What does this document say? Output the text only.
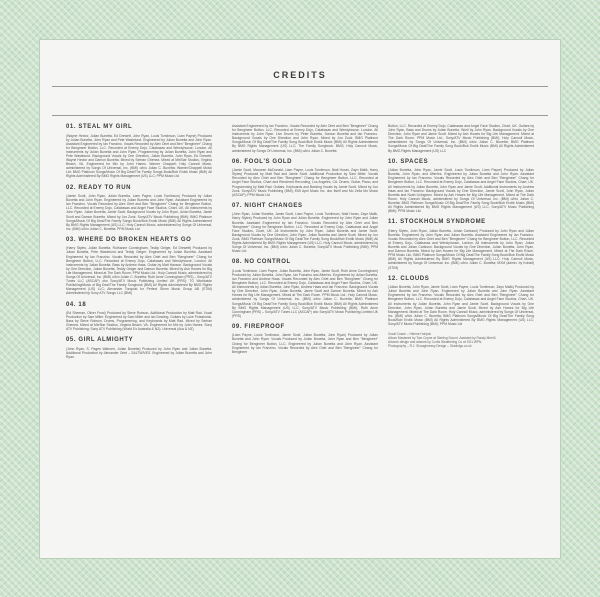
CREDITS
01. STEAL MY GIRL

(Wayne Hector, Julian Bunetta, Ed Drewett, John Ryan, Louis Tomlinson, Liam Payne) Produced by Julian Bunetta, John Ryan and Pete Wastelund. Engineered by Julian Bunetta and John Ryan. Assistant Engineered by Ian Franzino. Vocals Recorded by Alex Oriet and Ben "Bengineer" Chang for Bengineer Button, LLC. Recorded at Enemy Dojo, Calabasas and Wendyhouse, London. All Instruments by Julian Bunetta and John Ryan. Programming by Julian Bunetta, John Ryan and Pete Wastelund. Background Vocals by One Direction, Julian Bunetta, John Ryan, Ed Drewett, Wayne Hector and Damon Bunetta. Mixed by Serban Ghenea. Mixed at MixStar Studios, Virginia Beach, VA. Engineered for Mix by John Hanes. Warner Chappell; Holy Cannoli Music, administered by Songs Of Universal, Inc. (BMI) o/b/o Julian C. Bunetta; Warner/Chappell Music Ltd; BMG Platinum Songs/Music Of Big Deal/The Family Songs Book/Bob Erotik Music (BMI) All Rights Administered By BMG Rights Management (US) LLC; PPM Music Ltd

02. READY TO RUN

(Jamie Scott, John Ryan, Julian Bunetta, Liam Payne, Louis Tomlinson) Produced by Julian Bunetta and John Ryan. Engineered by Julian Bunetta and John Ryan. Assistant Engineered by Ian Franzino. Vocals Recorded by Alex Oriet and Ben "Bengineer" Chang for Bengineer Button, LLC. Recorded at Enemy Dojo, Calabasas and Angel Face Studios, Chart, UK. All Instruments by John Ryan, Julian Bunetta, Jamie Scott. Background Vocals by John Ryan, Julian Bunetta, Jamie Scott and Damon Bunetta. Mixed by Jon Zook. Sony/ATV Music Publishing (BMI); BMG Platinum Songs/Music Of Big Deal/The Family Songs Book/Bob Erotik Music (BMI) All Rights Administered By BMG Rights Management (US) LLC; Holy Cannoli Music, administered by Songs Of Universal, Inc. (BMI) o/b/o Julian C. Bunetta; PPM Music Ltd

03. WHERE DO BROKEN HEARTS GO

(Harry Styles, Julian Bunetta, Ruthanne Cunningham, Teddy Geiger, Ed Drewett) Produced by Julian Bunetta, Pete Wastelund and Teddy Geiger. Engineered by Julian Bunetta. Assistant Engineered by Ian Franzino. Vocals Recorded by Alex Oriet and Ben "Bengineer" Chang for Bengineer Button, LLC. Recorded at Enemy Dojo, Calabasas and Wendyhouse, London. All Instruments by Julian Bunetta. Bass by Andrew Haas. Guitar by Matt Hanson. Background Vocals by One Direction, Julian Bunetta, Teddy Geiger and Damon Bunetta. Mixed by Ash Howes for Big Life Management. Mixed at The Dark Room. PPM Music Ltd.; Holy Cannoli Music, administered by Songs Of Universal, Inc. (BMI) o/b/o Julian C. Bunetta; Ruth Anne Cunningham (PRS) – Sony/ATV Tunes LLC (ASCAP) obo Sony/ATV Music Publishing Limited UK (PRS); TG Worldwide Publishing/Music of Big Deal/The Family Songbook (BMI) All Rights Administered By BMG Rights Management (US) LLC; Alexander Tonquist for Perfect Storm Music Group AB (STIM) Administered by Sony ATV Songs LLC (BMI)

04. 18

(Ed Sheeran, Oliver Frost) Produced by Steve Robson. Additional Production by Matt Rad. Vocal Production by Sam Miller. Engineered by Sam Miller and Ian Dowling. Guitars by Luke Potashnick. Bass by Steve Robson. Drums, Programming, and Keyboards by Matt Rad. Mixed by Serban Ghenea. Mixed at MixStar Studios, Virginia Beach, VA. Engineered for Mix by John Hanes. Sony ATV Publishing; Sony ATV Publishing (World Ex Australia & NZ); Universal (Aus & NZ)

05. GIRL ALMIGHTY

(John Ryan, S. Pages Wahnen, Julian Bunetta) Produced by John Ryan and Julian Bunetta. Additional Production by Alexander Oriet – SALTWIVES. Engineered by Julian Bunetta and John Ryan.

Assistant Engineered by Ian Franzino. Vocals Recorded by Alex Oriet and Ben "Bengineer" Chang for Bengineer Button, LLC. Recorded at Enemy Dojo, Calabasas and Wendyhouse, London. All Instruments by John Ryan. Live Drums by Peter Bunetta, Damon Bunetta and Ian Franzino. Background Vocals by One Direction and John Ryan. Mixed by Jon Zook. BMG Platinum Songs/Music Of Big Deal/The Family Song Book/Bob Erotik Music (BMI) All Rights Administered By BMG Rights Management (US) LLC; The Family Songbook. BMG; Holy Cannoli Music, administered by Songs Of Universal, Inc. (BMI) o/b/o Julian C. Bunetta

06. FOOL'S GOLD

(Jamie Scott, Maureen McDonald, Liam Payne, Louis Tomlinson, Niall Horan, Zayn Malik, Harry Styles) Produced by Matt Rad and Jamie Scott. Additional Production by Sam Miller. Vocals Recorded by Alex Oriet and Ben "Bengineer" Chang for Bengineer Button, LLC. Recorded at Angel Face Studios, Chart and Rendered Recording, Los Angeles, CA. Drums, Guitar, Piano, and Programming by Matt Rad. Guitars, Keyboards and Backing Vocals by Jamie Scott. Mixed by Jon Zook. Sony/ATV Music Publishing (BMI); EMI April Music Inc. obo Itself and Mo Zella Mo Music (ASCAP); PPM Music Ltd

07. NIGHT CHANGES

(John Ryan, Julian Bunetta, Jamie Scott, Liam Payne, Louis Tomlinson, Niall Horan, Zayn Malik, Harry Styles) Produced by John Ryan and Julian Bunetta. Engineered by John Ryan and Julian Bunetta. Assistant Engineered by Ian Franzino. Vocals Recorded by Alex Oriet and Ben "Bengineer" Chang for Bengineer Button, LLC. Recorded at Enemy Dojo, Calabasas and Angel Face Studios, Chart, UK. All Instruments by John Ryan, Julian Bunetta and Jamie Scott. Background Vocals by One Direction, John Ryan, Julian Bunetta and Jamie Scott. Mixed by Jon Zook. BMG Platinum Songs/Music Of Big Deal/The Family Song Book/Bob Erotik Music (BMI) All Rights Administered By BMG Rights Management (US) LLC; Holy Cannoli Music, administered by Songs Of Universal, Inc. (BMI) o/b/o Julian C. Bunetta; Sony/ATV Music Publishing (BMI); PPM Music Ltd

08. NO CONTROL

(Louis Tomlinson, Liam Payne, Julian Bunetta, John Ryan, Jamie Scott, Ruth Anne Cunningham) Produced by Julian Bunetta, John Ryan, Ian Franzino and Afterhrs. Engineered by Julian Bunetta, Ian Franzino and Andrew Haas. Vocals Recorded by Alex Oriet and Ben "Bengineer" Chang for Bengineer Button, LLC. Recorded at Enemy Dojo, Calabasas and Angel Face Studios, Chart, UK. All Instruments by Julian Bunetta, John Ryan, Andrew Haas and Ian Franzino. Background Vocals by One Direction, John Ryan, Julian Bunetta, Jamie Scott and Damon Bunetta. Mixed by Ash Howes for Big Life Management. Mixed at The Dark Room. PPM Music Ltd.; Holy Cannoli Music, administered by Songs Of Universal, Inc. (BMI) o/b/o Julian C. Bunetta; BMG Platinum Songs/Music Of Big Deal/The Family Song Book/Bob Erotik Music (BMI) All Rights Administered By BMG Rights Management (US) LLC; Sony/ATV Music Publishing (BMI); Ruth Anne Cunningham (PRS) – Sony/ATV Tunes LLC (ASCAP) obo Sony/ATV Music Publishing Limited UK (PRS)

09. FIREPROOF

(Liam Payne, Louis Tomlinson, Jamie Scott, Julian Bunetta, John Ryan) Produced by Julian Bunetta and John Ryan. Vocals Produced by Julian Bunetta, John Ryan and Ben "Bengineer" Chang for Bengineer Button, LLC. Engineered by Julian Bunetta and John Ryan. Assistant Engineered by Ian Franzino. Vocals Recorded by Alex Oriet and Ben "Bengineer" Chang for Bengineer

Button, LLC. Recorded at Enemy Dojo, Calabasas and Angel Face Studios, Chart, UK. Guitars by John Ryan, Bass and Drums by Julian Bunetta. Wurli by John Ryan. Background Vocals by One Direction, John Ryan and Jamie Scott. Mixed by Ash Howes for Big Life Management. Mixed at The Dark Room. PPM Music Ltd.; Sony/ATV Music Publishing (BMI); Holy Cannoli Music, administered by Songs Of Universal, Inc. (BMI) o/b/o Julian C. Bunetta; BMG Platinum Songs/Music Of Big Deal/The Family Song Book/Bob Erotik Music (BMI) All Rights Administered By BMG Rights Management (US) LLC

10. SPACES

(Julian Bunetta, John Ryan, Jamie Scott, Louis Tomlinson, Liam Payne) Produced by Julian Bunetta, John Ryan, and Afterhrs. Engineered by Julian Bunetta and John Ryan. Assistant Engineered by Ian Franzino. Vocals Recorded by Alex Oriet and Ben "Bengineer" Chang for Bengineer Button, LLC. Recorded at Enemy Dojo, Calabasas and Angel Face Studios, Chart, UK. All Instruments by Julian Bunetta, John Ryan and Jamie Scott. Additional Instruments by Andrew Haas and Ian Franzino. Background Vocals by One Direction, Jamie Scott, John Ryan, Julian Bunetta and Noah Livingston. Mixed by Ash Howes for Big Life Management. Mixed at The Dark Room. Holy Cannoli Music, administered by Songs Of Universal, Inc. (BMI) o/b/o Julian C. Bunetta; BMG Platinum Songs/Music Of Big Deal/The Family Song Book/Bob Erotik Music (BMI) All Rights Administered By BMG Rights Management (US) LLC; Sony/ATV Music Publishing (BMI); PPM Music Ltd

11. STOCKHOLM SYNDROME

(Harry Styles, John Ryan, Julian Bunetta, Johan Carlsson) Produced by John Ryan and Julian Bunetta. Engineered by John Ryan and Julian Bunetta. Assistant Engineered by Ian Franzino. Vocals Recorded by Alex Oriet and Ben "Bengineer" Chang for Bengineer Button, LLC. Recorded at Enemy Dojo, Calabasas and Wendyhouse, London. All Instruments by John Ryan, Julian Bunetta and Johan Carlsson. Background Vocals by One Direction, Julian Bunetta, John Ryan, and Damon Bunetta. Mixed by Ash Howes for Big Life Management. Mixed at The Dark Room. PPM Music Ltd.; BMG Platinum Songs/Music Of Big Deal/The Family Song Book/Bob Erotik Music (BMI) All Rights Administered By BMG Rights Management (US) LLC; Holy Cannoli Music, administered by Songs Of Universal, Inc. (BMI) o/b/o Julian C. Bunetta; MXM (admin. by Kobalt) (STIM)

12. CLOUDS

(Julian Bunetta, John Ryan, Jamie Scott, Liam Payne, Louis Tomlinson, Zayn Malik) Produced by Julian Bunetta and John Ryan. Engineered by Julian Bunetta and John Ryan. Assistant Engineered by Ian Franzino. Vocals Recorded by Alex Oriet and Ben "Bengineer" Chang for Bengineer Button, LLC. Recorded at Enemy Dojo, Calabasas and Angel Face Studios, Chart, UK. All Instruments by Julian Bunetta, John Ryan and Jamie Scott. Background Vocals by One Direction, John Ryan, Julian Bunetta and Jamie Scott. Mixed by Ash Howes for Big Life Management. Mixed at The Dark Room. Holy Cannoli Music, administered by Songs Of Universal, Inc. (BMI) o/b/o Julian C. Bunetta; BMG Platinum Songs/Music Of Big Deal/The Family Song Book/Bob Erotik Music (BMI) All Rights Administered By BMG Rights Management (US) LLC; Sony/ATV Music Publishing (BMI); PPM Music Ltd

Vocal Coach – Helene Horlyck
Album Mastered by Tom Coyne at Sterling Sound. Assisted by Randy Merrill.
Artwork design and artwork by Curtis Weathering Co at SO1.WPN.
Photography – R.J. Shaughnessy Design – Studiolgo.co.uk
